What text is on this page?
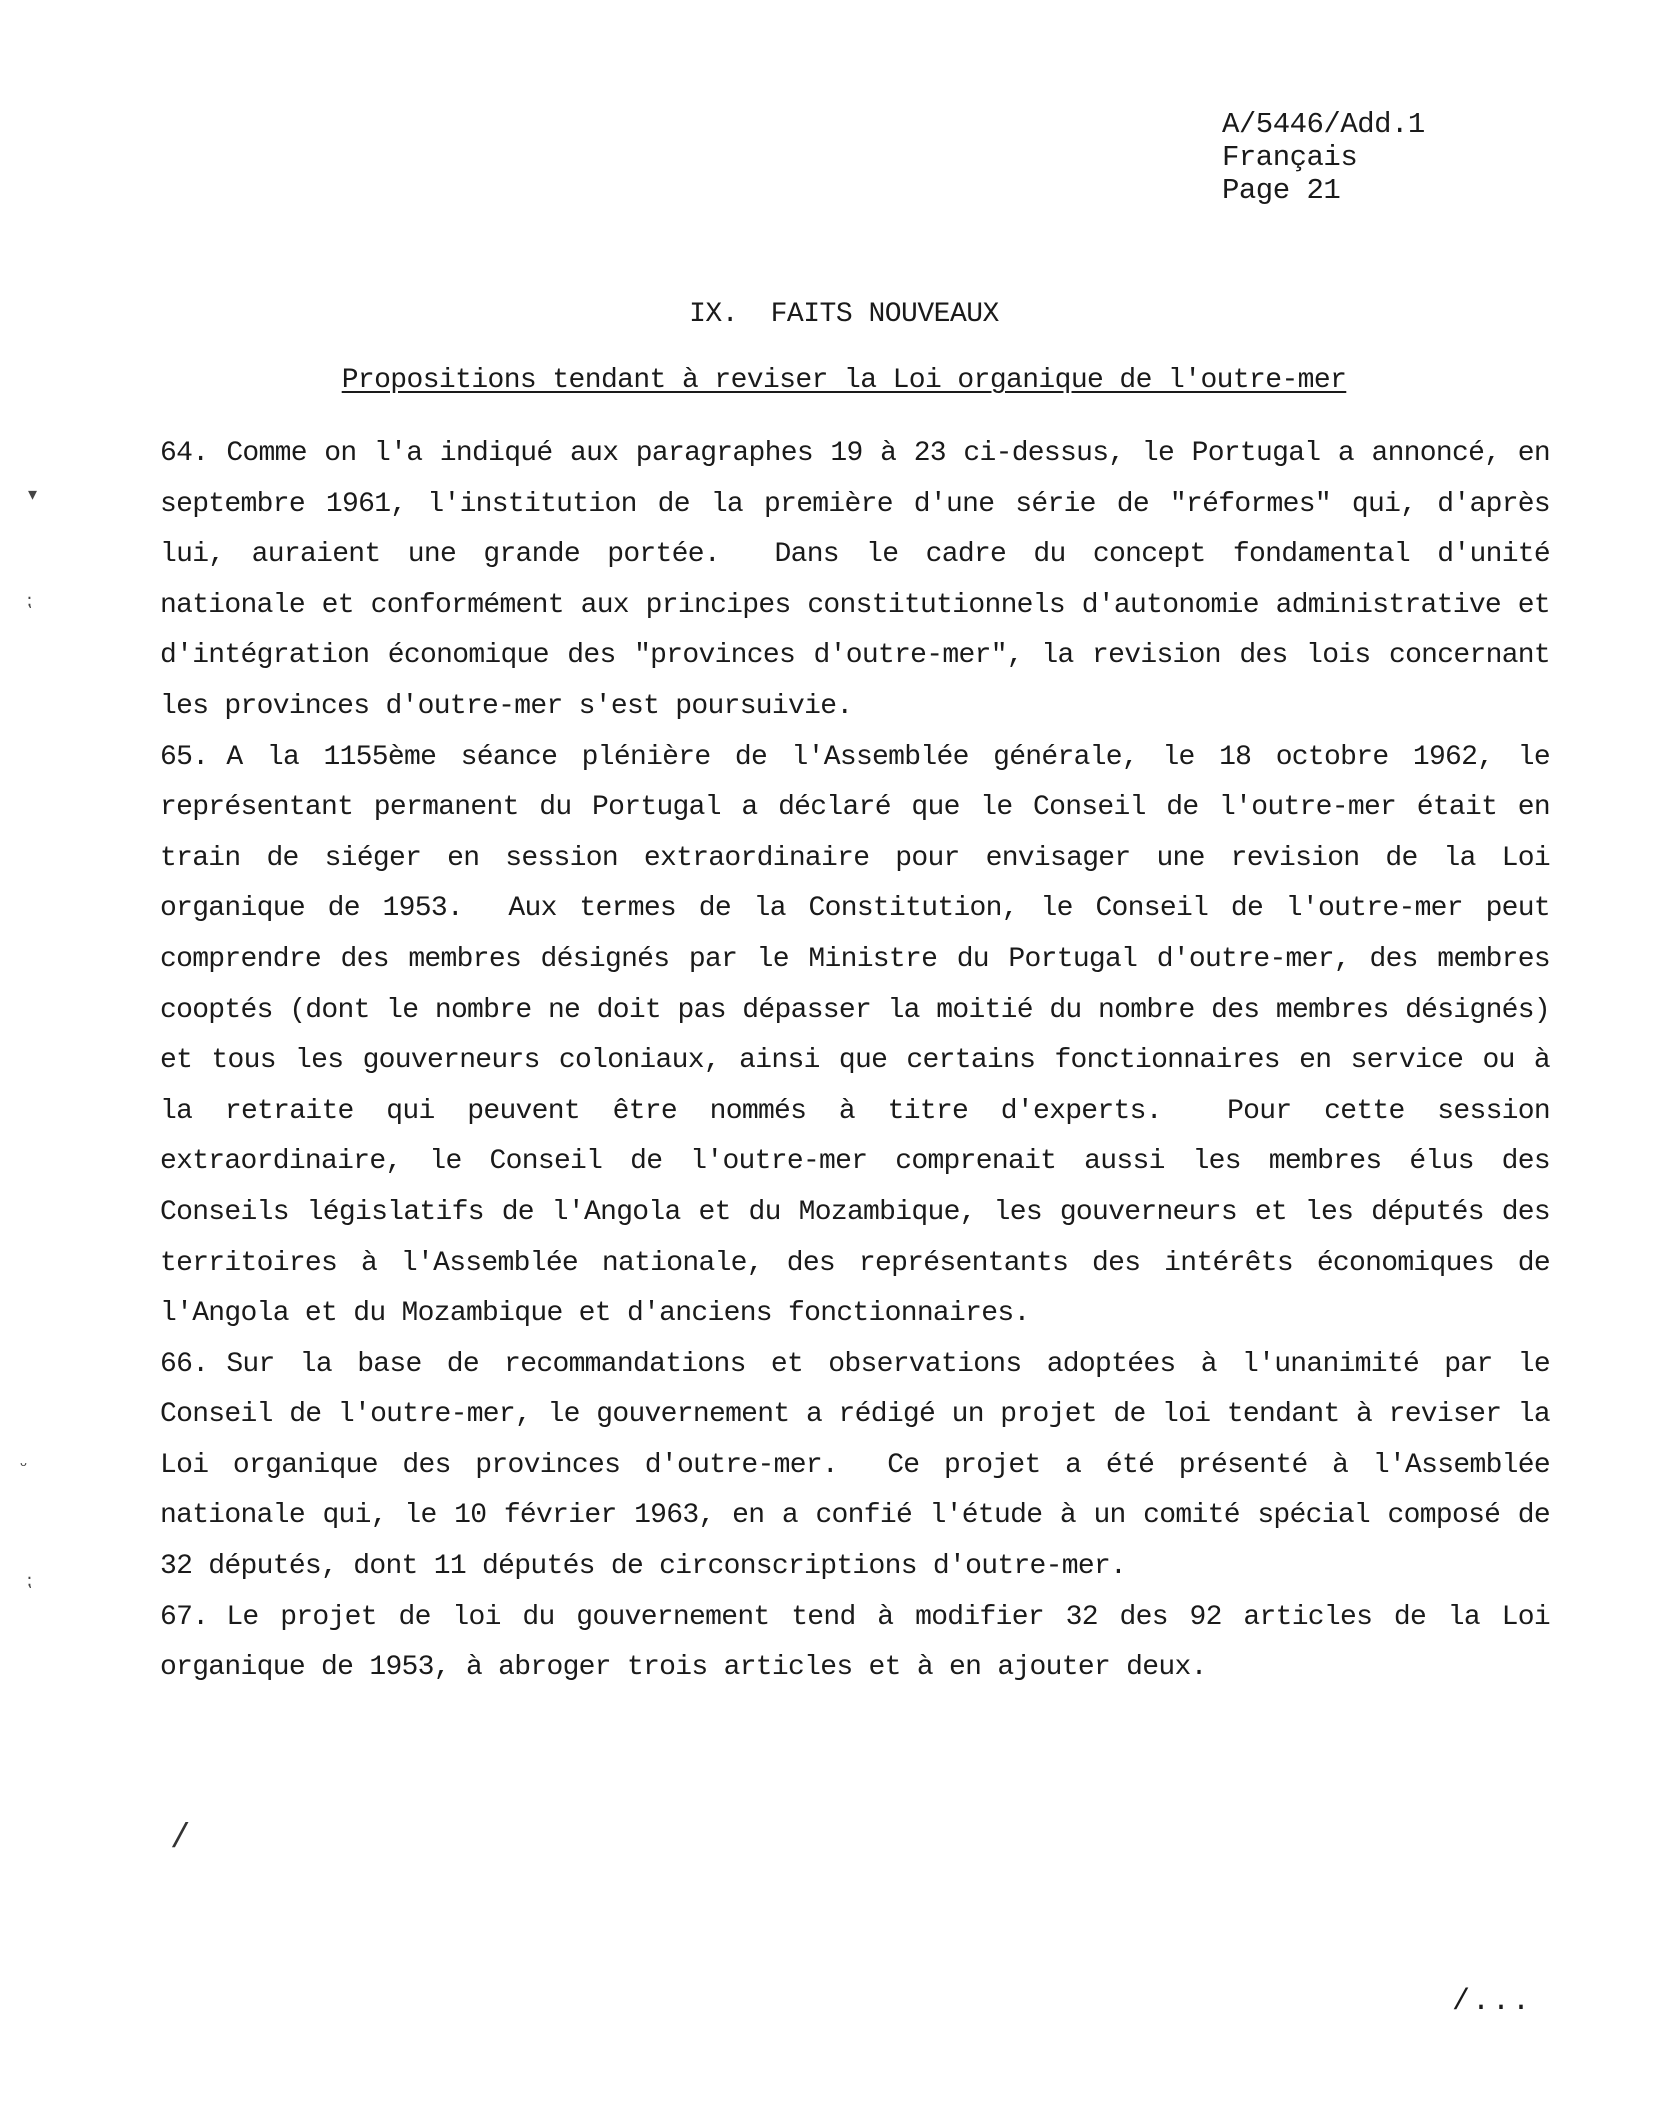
A/5446/Add.1
Français
Page 21
IX.  FAITS NOUVEAUX
Propositions tendant à reviser la Loi organique de l'outre-mer

64. Comme on l'a indiqué aux paragraphes 19 à 23 ci-dessus, le Portugal a annoncé, en septembre 1961, l'institution de la première d'une série de "réformes" qui, d'après lui, auraient une grande portée.  Dans le cadre du concept fondamental d'unité nationale et conformément aux principes constitutionnels d'autonomie administrative et d'intégration économique des "provinces d'outre-mer", la revision des lois concernant les provinces d'outre-mer s'est poursuivie.

65. A la 1155ème séance plénière de l'Assemblée générale, le 18 octobre 1962, le représentant permanent du Portugal a déclaré que le Conseil de l'outre-mer était en train de siéger en session extraordinaire pour envisager une revision de la Loi organique de 1953.  Aux termes de la Constitution, le Conseil de l'outre-mer peut comprendre des membres désignés par le Ministre du Portugal d'outre-mer, des membres cooptés (dont le nombre ne doit pas dépasser la moitié du nombre des membres désignés) et tous les gouverneurs coloniaux, ainsi que certains fonctionnaires en service ou à la retraite qui peuvent être nommés à titre d'experts.  Pour cette session extraordinaire, le Conseil de l'outre-mer comprenait aussi les membres élus des Conseils législatifs de l'Angola et du Mozambique, les gouverneurs et les députés des territoires à l'Assemblée nationale, des représentants des intérêts économiques de l'Angola et du Mozambique et d'anciens fonctionnaires.

66. Sur la base de recommandations et observations adoptées à l'unanimité par le Conseil de l'outre-mer, le gouvernement a rédigé un projet de loi tendant à reviser la Loi organique des provinces d'outre-mer.  Ce projet a été présenté à l'Assemblée nationale qui, le 10 février 1963, en a confié l'étude à un comité spécial composé de 32 députés, dont 11 députés de circonscriptions d'outre-mer.

67. Le projet de loi du gouvernement tend à modifier 32 des 92 articles de la Loi organique de 1953, à abroger trois articles et à en ajouter deux.

/
/...
▾
⁏
ᵕ
⁏
